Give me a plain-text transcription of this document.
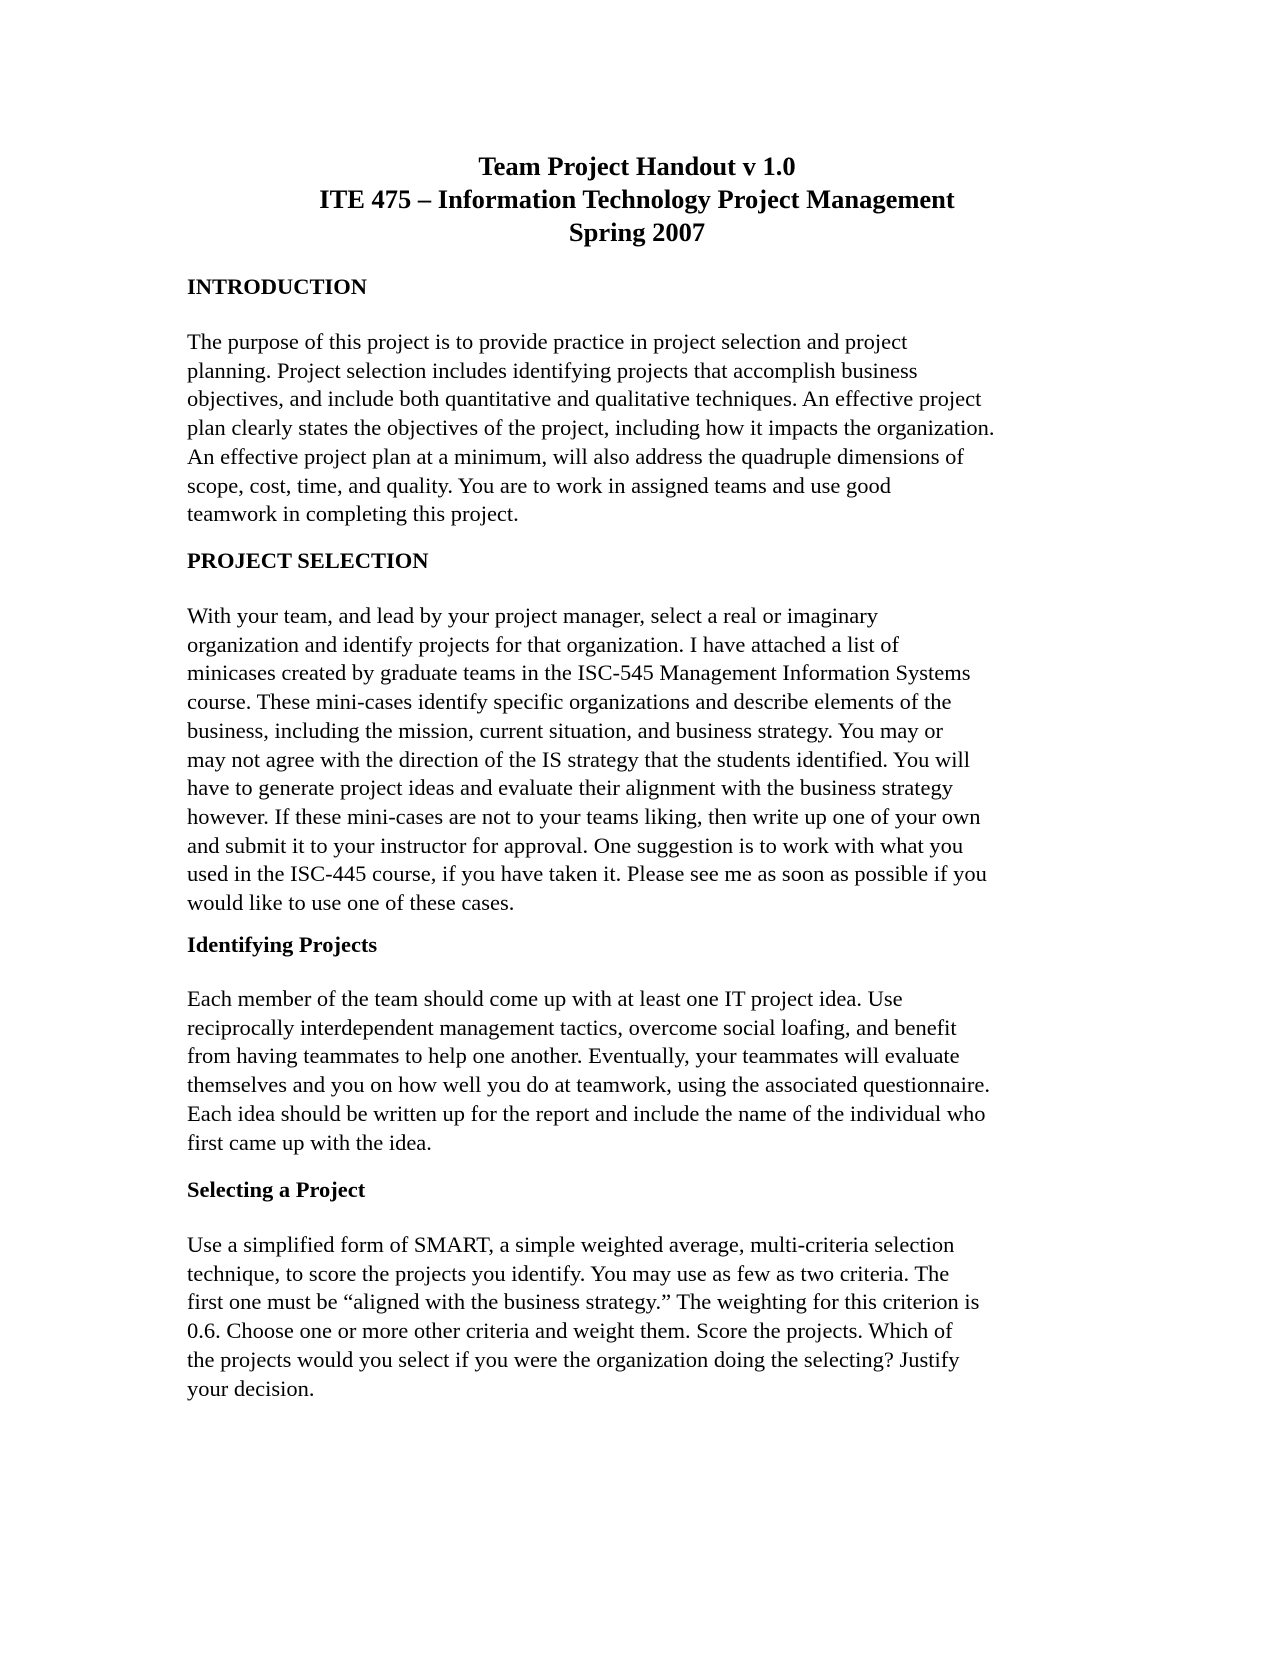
Team Project Handout v 1.0
ITE 475 – Information Technology Project Management
Spring 2007
INTRODUCTION
The purpose of this project is to provide practice in project selection and project
planning. Project selection includes identifying projects that accomplish business
objectives, and include both quantitative and qualitative techniques. An effective project
plan clearly states the objectives of the project, including how it impacts the organization.
An effective project plan at a minimum, will also address the quadruple dimensions of
scope, cost, time, and quality. You are to work in assigned teams and use good
teamwork in completing this project.
PROJECT SELECTION
With your team, and lead by your project manager, select a real or imaginary
organization and identify projects for that organization. I have attached a list of
minicases created by graduate teams in the ISC-545 Management Information Systems
course. These mini-cases identify specific organizations and describe elements of the
business, including the mission, current situation, and business strategy. You may or
may not agree with the direction of the IS strategy that the students identified. You will
have to generate project ideas and evaluate their alignment with the business strategy
however. If these mini-cases are not to your teams liking, then write up one of your own
and submit it to your instructor for approval. One suggestion is to work with what you
used in the ISC-445 course, if you have taken it. Please see me as soon as possible if you
would like to use one of these cases.
Identifying Projects
Each member of the team should come up with at least one IT project idea. Use
reciprocally interdependent management tactics, overcome social loafing, and benefit
from having teammates to help one another. Eventually, your teammates will evaluate
themselves and you on how well you do at teamwork, using the associated questionnaire.
Each idea should be written up for the report and include the name of the individual who
first came up with the idea.
Selecting a Project
Use a simplified form of SMART, a simple weighted average, multi-criteria selection
technique, to score the projects you identify. You may use as few as two criteria. The
first one must be “aligned with the business strategy.” The weighting for this criterion is
0.6. Choose one or more other criteria and weight them. Score the projects. Which of
the projects would you select if you were the organization doing the selecting? Justify
your decision.
